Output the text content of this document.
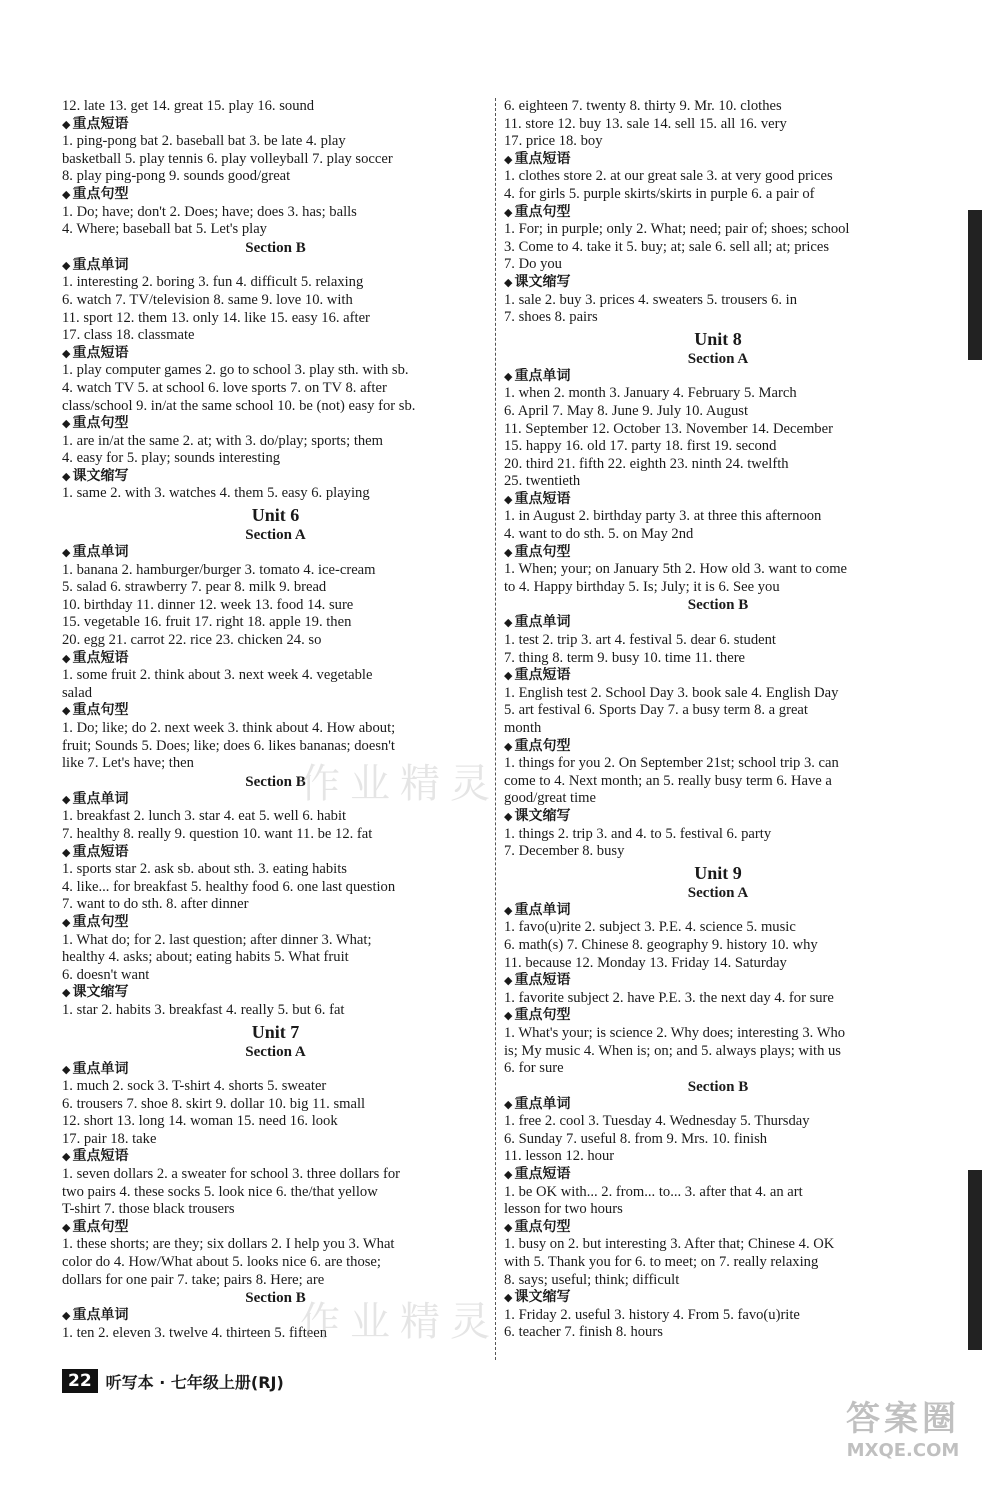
12. late 13. get 14. great 15. play 16. sound
◆ 重点短语
1. ping-pong bat 2. baseball bat 3. be late 4. play
basketball 5. play tennis 6. play volleyball 7. play soccer
8. play ping-pong 9. sounds good/great
◆ 重点句型
1. Do; have; don't 2. Does; have; does 3. has; balls
4. Where; baseball bat 5. Let's play
Section B
◆ 重点单词
1. interesting 2. boring 3. fun 4. difficult 5. relaxing
6. watch 7. TV/television 8. same 9. love 10. with
11. sport 12. them 13. only 14. like 15. easy 16. after
17. class 18. classmate
◆ 重点短语
1. play computer games 2. go to school 3. play sth. with sb.
4. watch TV 5. at school 6. love sports 7. on TV 8. after
class/school 9. in/at the same school 10. be (not) easy for sb.
◆ 重点句型
1. are in/at the same 2. at; with 3. do/play; sports; them
4. easy for 5. play; sounds interesting
◆ 课文缩写
1. same 2. with 3. watches 4. them 5. easy 6. playing
Unit 6
Section A
◆ 重点单词
1. banana 2. hamburger/burger 3. tomato 4. ice-cream
5. salad 6. strawberry 7. pear 8. milk 9. bread
10. birthday 11. dinner 12. week 13. food 14. sure
15. vegetable 16. fruit 17. right 18. apple 19. then
20. egg 21. carrot 22. rice 23. chicken 24. so
◆ 重点短语
1. some fruit 2. think about 3. next week 4. vegetable
salad
◆ 重点句型
1. Do; like; do 2. next week 3. think about 4. How about;
fruit; Sounds 5. Does; like; does 6. likes bananas; doesn't
like 7. Let's have; then
Section B
◆ 重点单词
1. breakfast 2. lunch 3. star 4. eat 5. well 6. habit
7. healthy 8. really 9. question 10. want 11. be 12. fat
◆ 重点短语
1. sports star 2. ask sb. about sth. 3. eating habits
4. like... for breakfast 5. healthy food 6. one last question
7. want to do sth. 8. after dinner
◆ 重点句型
1. What do; for 2. last question; after dinner 3. What;
healthy 4. asks; about; eating habits 5. What fruit
6. doesn't want
◆ 课文缩写
1. star 2. habits 3. breakfast 4. really 5. but 6. fat
Unit 7
Section A
◆ 重点单词
1. much 2. sock 3. T-shirt 4. shorts 5. sweater
6. trousers 7. shoe 8. skirt 9. dollar 10. big 11. small
12. short 13. long 14. woman 15. need 16. look
17. pair 18. take
◆ 重点短语
1. seven dollars 2. a sweater for school 3. three dollars for
two pairs 4. these socks 5. look nice 6. the/that yellow
T-shirt 7. those black trousers
◆ 重点句型
1. these shorts; are they; six dollars 2. I help you 3. What
color do 4. How/What about 5. looks nice 6. are those;
dollars for one pair 7. take; pairs 8. Here; are
Section B
◆ 重点单词
1. ten 2. eleven 3. twelve 4. thirteen 5. fifteen
6. eighteen 7. twenty 8. thirty 9. Mr. 10. clothes
11. store 12. buy 13. sale 14. sell 15. all 16. very
17. price 18. boy
◆ 重点短语
1. clothes store 2. at our great sale 3. at very good prices
4. for girls 5. purple skirts/skirts in purple 6. a pair of
◆ 重点句型
1. For; in purple; only 2. What; need; pair of; shoes; school
3. Come to 4. take it 5. buy; at; sale 6. sell all; at; prices
7. Do you
◆ 课文缩写
1. sale 2. buy 3. prices 4. sweaters 5. trousers 6. in
7. shoes 8. pairs
Unit 8
Section A
◆ 重点单词
1. when 2. month 3. January 4. February 5. March
6. April 7. May 8. June 9. July 10. August
11. September 12. October 13. November 14. December
15. happy 16. old 17. party 18. first 19. second
20. third 21. fifth 22. eighth 23. ninth 24. twelfth
25. twentieth
◆ 重点短语
1. in August 2. birthday party 3. at three this afternoon
4. want to do sth. 5. on May 2nd
◆ 重点句型
1. When; your; on January 5th 2. How old 3. want to come
to 4. Happy birthday 5. Is; July; it is 6. See you
Section B
◆ 重点单词
1. test 2. trip 3. art 4. festival 5. dear 6. student
7. thing 8. term 9. busy 10. time 11. there
◆ 重点短语
1. English test 2. School Day 3. book sale 4. English Day
5. art festival 6. Sports Day 7. a busy term 8. a great
month
◆ 重点句型
1. things for you 2. On September 21st; school trip 3. can
come to 4. Next month; an 5. really busy term 6. Have a
good/great time
◆ 课文缩写
1. things 2. trip 3. and 4. to 5. festival 6. party
7. December 8. busy
Unit 9
Section A
◆ 重点单词
1. favo(u)rite 2. subject 3. P.E. 4. science 5. music
6. math(s) 7. Chinese 8. geography 9. history 10. why
11. because 12. Monday 13. Friday 14. Saturday
◆ 重点短语
1. favorite subject 2. have P.E. 3. the next day 4. for sure
◆ 重点句型
1. What's your; is science 2. Why does; interesting 3. Who
is; My music 4. When is; on; and 5. always plays; with us
6. for sure
Section B
◆ 重点单词
1. free 2. cool 3. Tuesday 4. Wednesday 5. Thursday
6. Sunday 7. useful 8. from 9. Mrs. 10. finish
11. lesson 12. hour
◆ 重点短语
1. be OK with... 2. from... to... 3. after that 4. an art
lesson for two hours
◆ 重点句型
1. busy on 2. but interesting 3. After that; Chinese 4. OK
with 5. Thank you for 6. to meet; on 7. really relaxing
8. says; useful; think; difficult
◆ 课文缩写
1. Friday 2. useful 3. history 4. From 5. favo(u)rite
6. teacher 7. finish 8. hours
作业精灵
作业精灵
22 听写本 · 七年级上册(RJ)
答案圈
MXQE.COM
